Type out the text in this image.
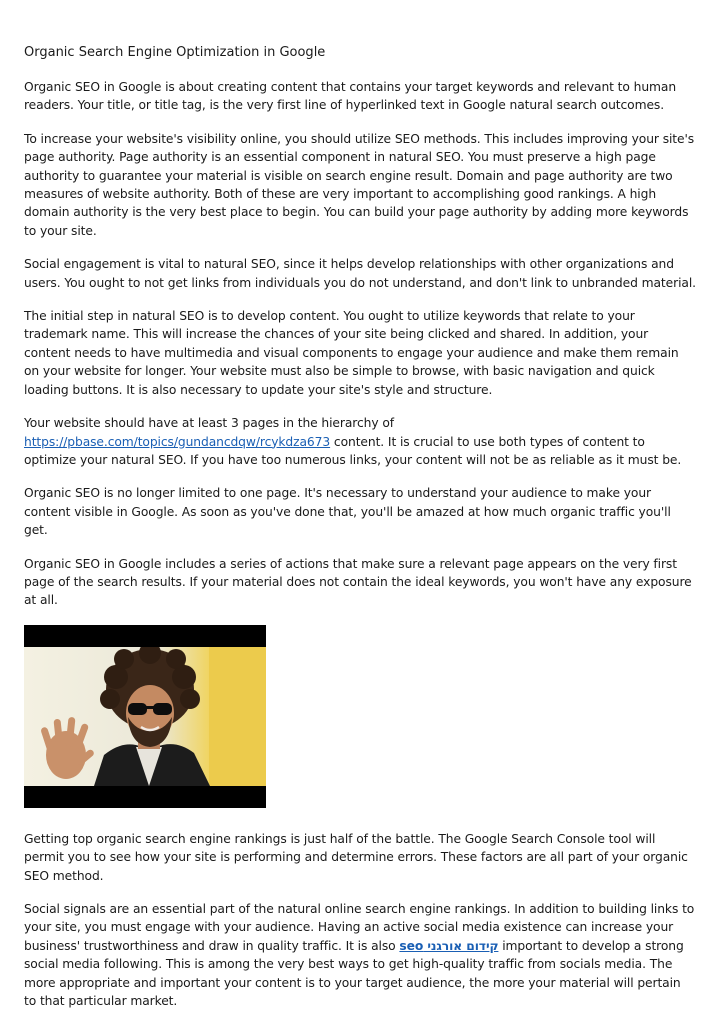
Organic Search Engine Optimization in Google

Organic SEO in Google is about creating content that contains your target keywords and relevant to human readers. Your title, or title tag, is the very first line of hyperlinked text in Google natural search outcomes.

To increase your website's visibility online, you should utilize SEO methods. This includes improving your site's page authority. Page authority is an essential component in natural SEO. You must preserve a high page authority to guarantee your material is visible on search engine result. Domain and page authority are two measures of website authority. Both of these are very important to accomplishing good rankings. A high domain authority is the very best place to begin. You can build your page authority by adding more keywords to your site.

Social engagement is vital to natural SEO, since it helps develop relationships with other organizations and users. You ought to not get links from individuals you do not understand, and don't link to unbranded material.

The initial step in natural SEO is to develop content. You ought to utilize keywords that relate to your trademark name. This will increase the chances of your site being clicked and shared. In addition, your content needs to have multimedia and visual components to engage your audience and make them remain on your website for longer. Your website must also be simple to browse, with basic navigation and quick loading buttons. It is also necessary to update your site's style and structure.

Your website should have at least 3 pages in the hierarchy of https://pbase.com/topics/gundancdqw/rcykdza673 content. It is crucial to use both types of content to optimize your natural SEO. If you have too numerous links, your content will not be as reliable as it must be.

Organic SEO is no longer limited to one page. It's necessary to understand your audience to make your content visible in Google. As soon as you've done that, you'll be amazed at how much organic traffic you'll get.

Organic SEO in Google includes a series of actions that make sure a relevant page appears on the very first page of the search results. If your material does not contain the ideal keywords, you won't have any exposure at all.

Getting top organic search engine rankings is just half of the battle. The Google Search Console tool will permit you to see how your site is performing and determine errors. These factors are all part of your organic SEO method.

Social signals are an essential part of the natural online search engine rankings. In addition to building links to your site, you must engage with your audience. Having an active social media existence can increase your business' trustworthiness and draw in quality traffic. It is also קידום אורגני seo important to develop a strong social media following. This is among the very best ways to get high-quality traffic from socials media. The more appropriate and important your content is to your target audience, the more your material will pertain to that particular market.
